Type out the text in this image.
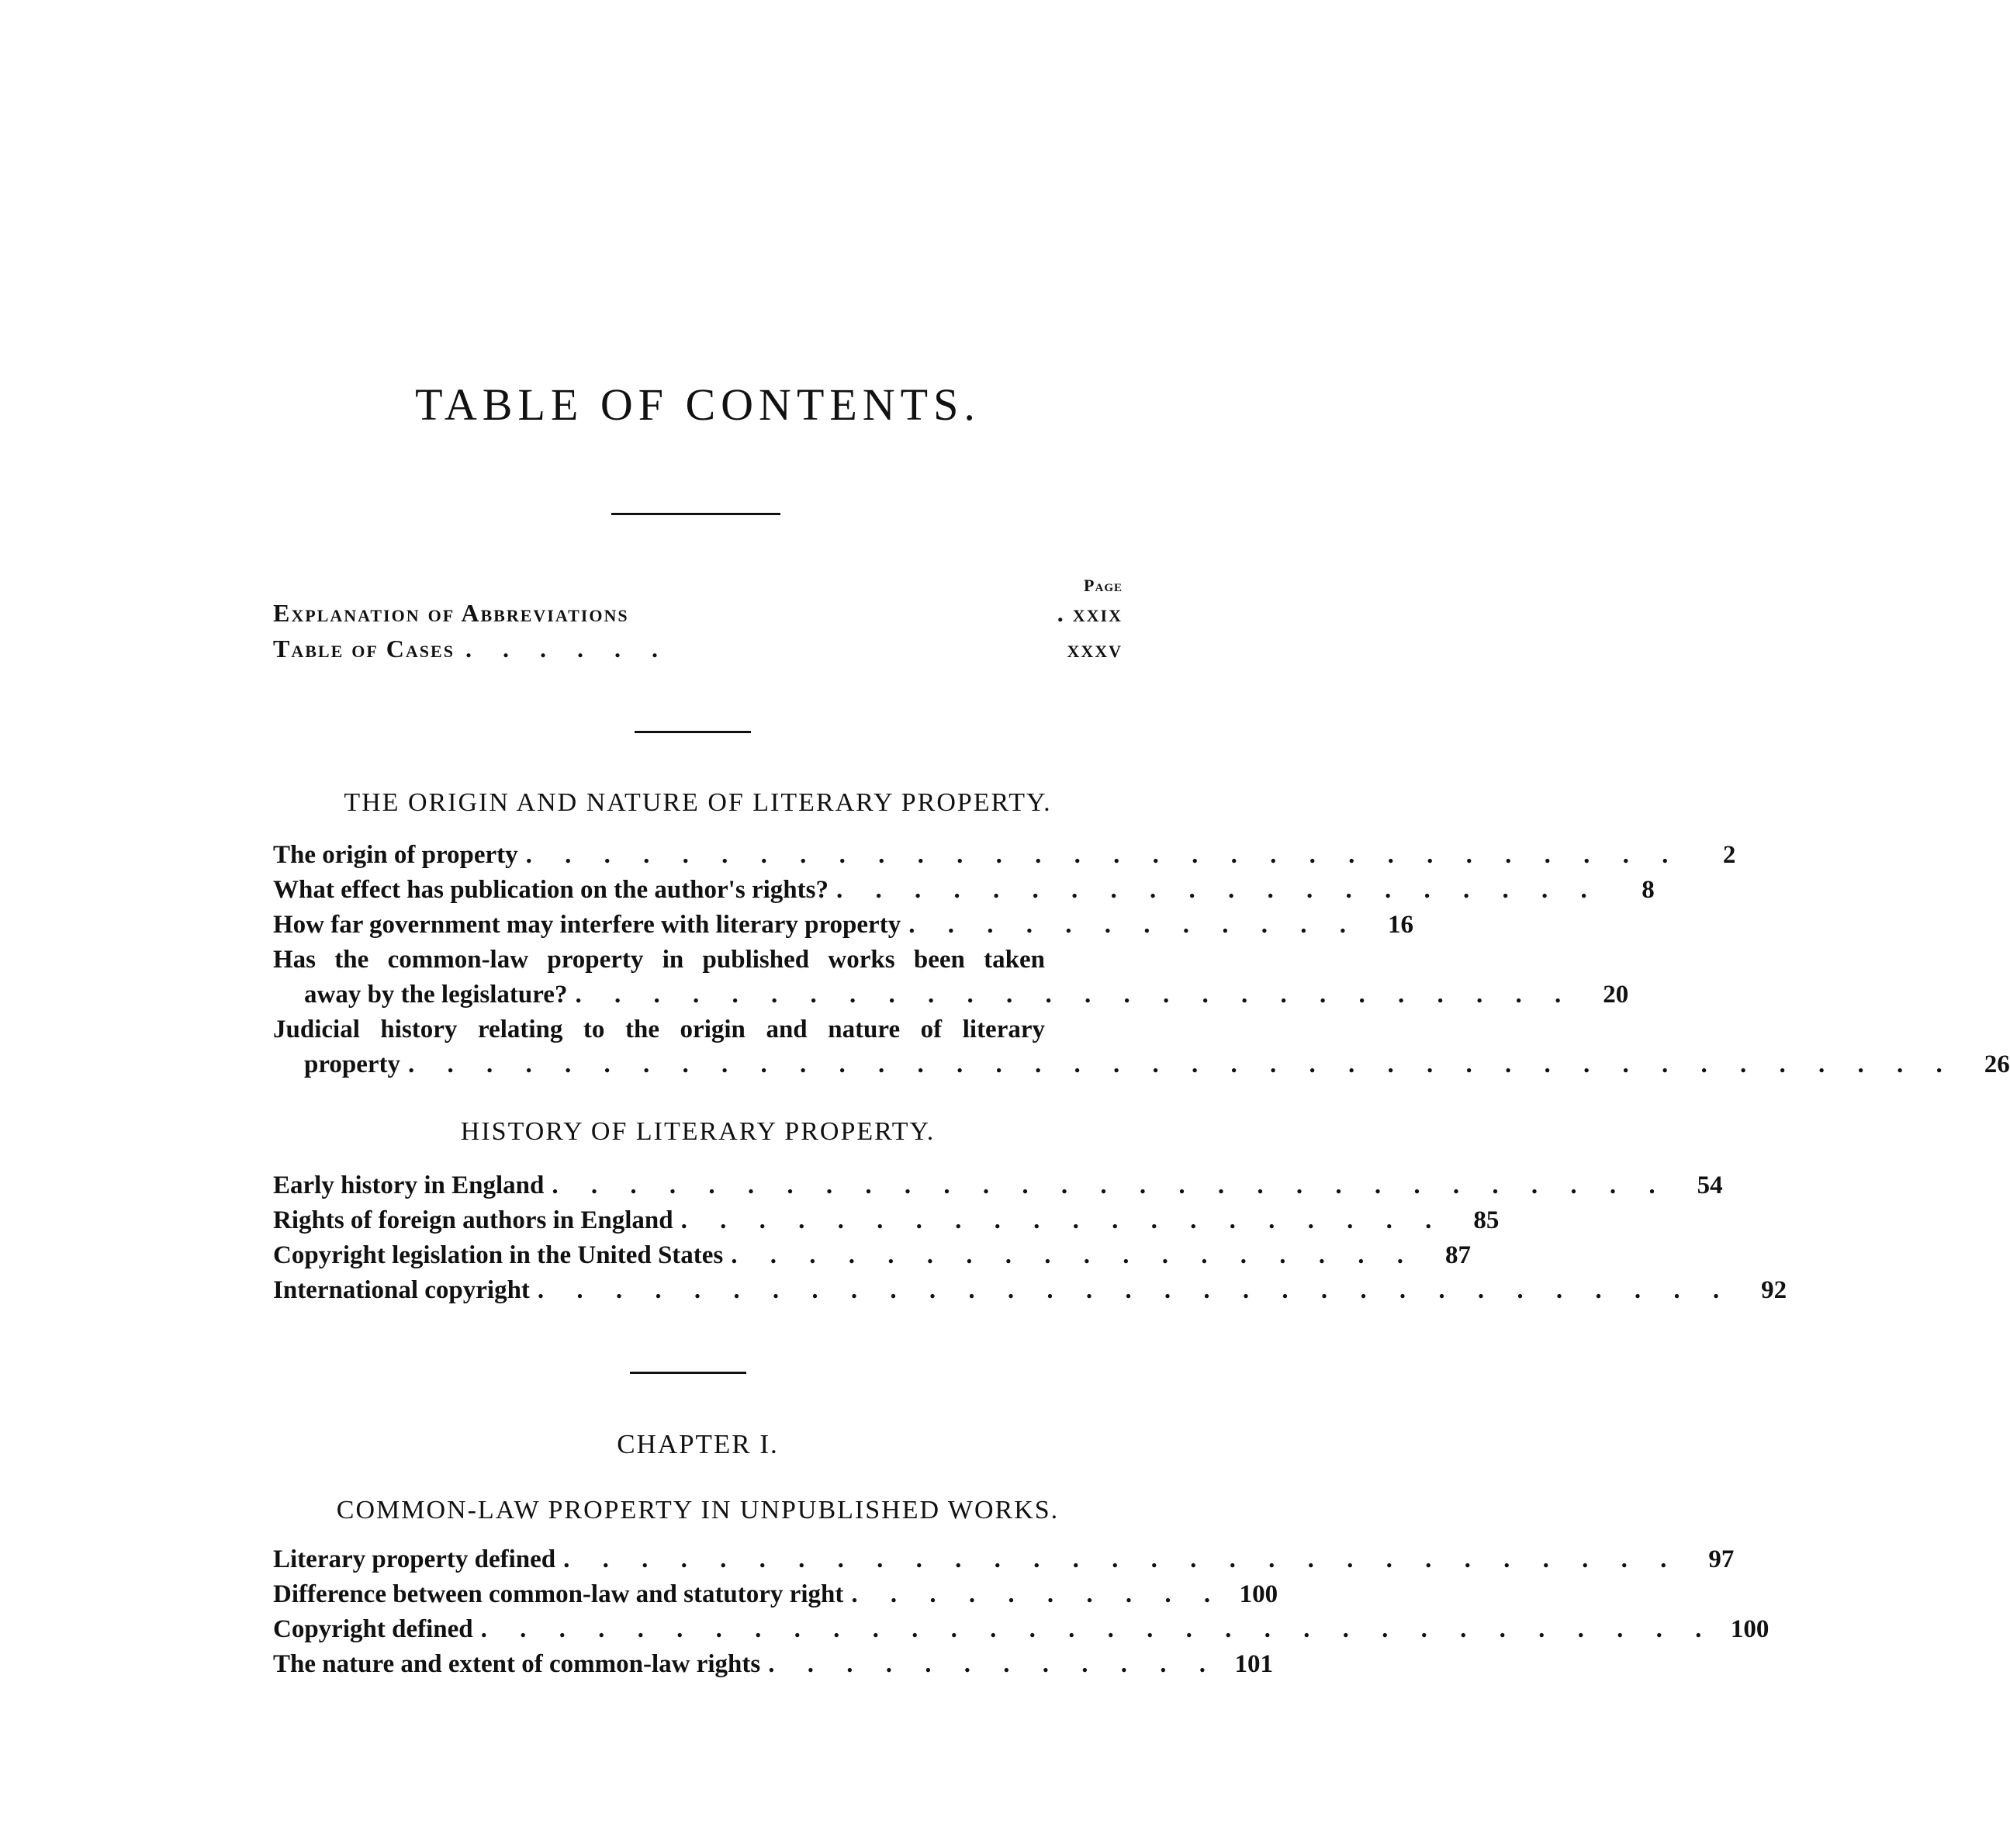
TABLE OF CONTENTS.
Page
Explanation of Abbreviations	. xxix
Table of Cases . . . . . .	xxxv
THE ORIGIN AND NATURE OF LITERARY PROPERTY.
The origin of property . . . . . . . . . . . . . . . . . . . . . . . . . . . . . .	2
What effect has publication on the author's rights? . . . . . . . . . . . . . . . . . . . .	8
How far government may interfere with literary property . . . . . . . . . . . .	16
Has the common-law property in published works been taken
away by the legislature? . . . . . . . . . . . . . . . . . . . . . . . . . .	20
Judicial history relating to the origin and nature of literary
property . . . . . . . . . . . . . . . . . . . . . . . . . . . . . . . . . . . . . . . .	26
HISTORY OF LITERARY PROPERTY.
Early history in England . . . . . . . . . . . . . . . . . . . . . . . . . . . . .	54
Rights of foreign authors in England . . . . . . . . . . . . . . . . . . . .	85
Copyright legislation in the United States . . . . . . . . . . . . . . . . . .	87
International copyright . . . . . . . . . . . . . . . . . . . . . . . . . . . . . . .	92
CHAPTER I.
COMMON-LAW PROPERTY IN UNPUBLISHED WORKS.
Literary property defined . . . . . . . . . . . . . . . . . . . . . . . . . . . . .	97
Difference between common-law and statutory right . . . . . . . . . . 100
Copyright defined . . . . . . . . . . . . . . . . . . . . . . . . . . . . . . . . 100
The nature and extent of common-law rights . . . . . . . . . . . . 101
